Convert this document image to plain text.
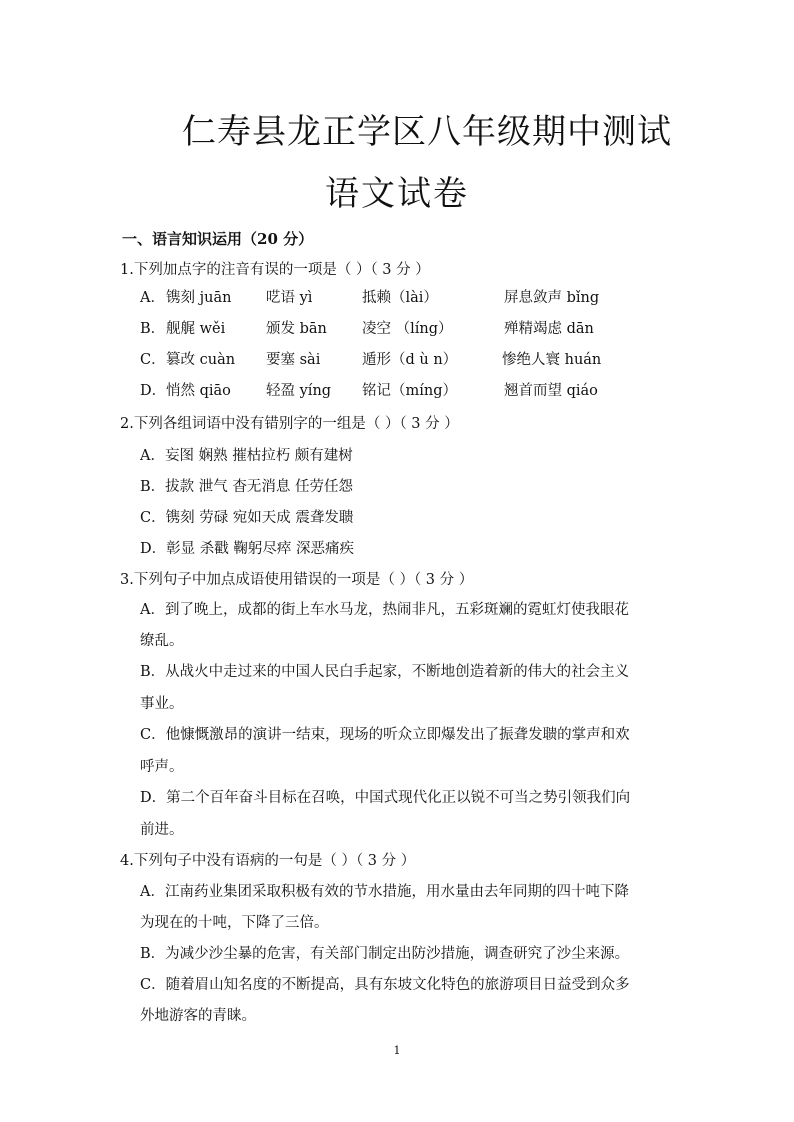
仁寿县龙正学区八年级期中测试
语文试卷
一、语言知识运用（20 分）
1.下列加点字的注音有误的一项是（ ）（ 3 分 ）
A． 镌刻 juān 呓语 yì	抵赖（lài）	屏息敛声 bǐng
B． 舰艉 wěi	颁发 bān 凌空 （líng）	殚精竭虑 dān
C． 篡改 cuàn 要塞 sài	遁形（d ù n）	惨绝人寰 huán
D． 悄然 qiāo 轻盈 yíng 铭记（míng）	翘首而望 qiáo
2.下列各组词语中没有错别字的一组是（ ）（ 3 分 ）
A．妄图 娴熟 摧枯拉朽 颇有建树
B．拔款 泄气 杳无消息 任劳任怨
C．镌刻 劳碌 宛如天成 震聋发聩
D．彰显 杀戳 鞠躬尽瘁 深恶痛疾
3.下列句子中加点成语使用错误的一项是（ ）（ 3 分 ）
A．到了晚上，成都的街上车水马龙，热闹非凡，五彩斑斓的霓虹灯使我眼花
缭乱。
B．从战火中走过来的中国人民白手起家，不断地创造着新的伟大的社会主义
事业。
C．他慷慨激昂的演讲一结束，现场的听众立即爆发出了振聋发聩的掌声和欢
呼声。
D．第二个百年奋斗目标在召唤，中国式现代化正以锐不可当之势引领我们向
前进。
4.下列句子中没有语病的一句是（ ）（ 3 分 ）
A．江南药业集团采取积极有效的节水措施，用水量由去年同期的四十吨下降
为现在的十吨，下降了三倍。
B．为减少沙尘暴的危害，有关部门制定出防沙措施，调查研究了沙尘来源。
C．随着眉山知名度的不断提高，具有东坡文化特色的旅游项目日益受到众多
外地游客的青睐。
1
